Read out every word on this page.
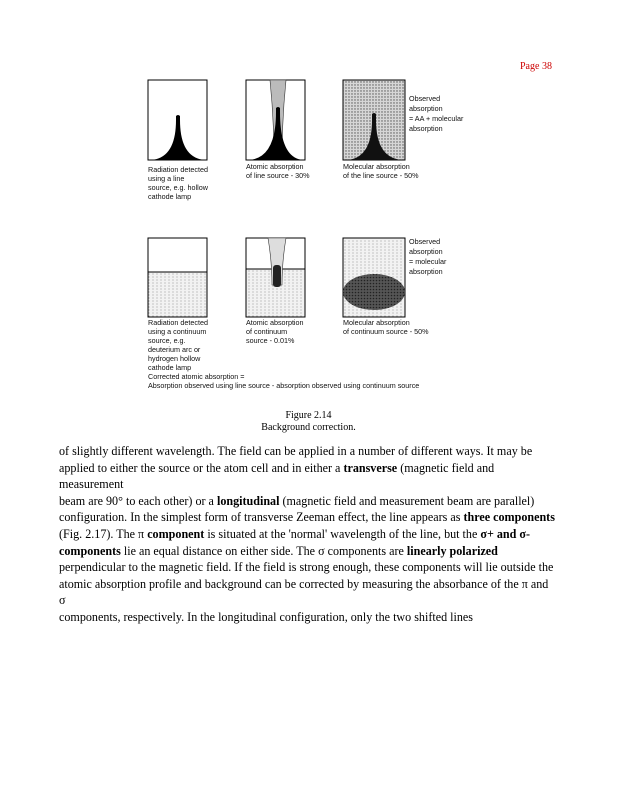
Page 38
Observed
absorption
= AA + molecular
absorption
Radiation detected
using a line
source, e.g. hollow
cathode lamp
Atomic absorption
of line source - 30%
Molecular absorption
of the line source - 50%
Observed
absorption
= molecular
absorption
Radiation detected
using a continuum
source, e.g.
deuterium arc or
hydrogen hollow
cathode lamp
Atomic absorption
of continuum
source - 0.01%
Molecular absorption
of continuum source - 50%
Corrected atomic absorption =
Absorption observed using line source - absorption observed using continuum source
Figure 2.14
Background correction.

of slightly different wavelength. The field can be applied in a number of different ways. It may be

applied to either the source or the atom cell and in either a transverse (magnetic field and measurement

beam are 90° to each other) or a longitudinal (magnetic field and measurement beam are parallel)

configuration. In the simplest form of transverse Zeeman effect, the line appears as three components

(Fig. 2.17). The π component is situated at the 'normal' wavelength of the line, but the σ+ and σ-

components lie an equal distance on either side. The σ components are linearly polarized

perpendicular to the magnetic field. If the field is strong enough, these components will lie outside the

atomic absorption profile and background can be corrected by measuring the absorbance of the π and σ

components, respectively. In the longitudinal configuration, only the two shifted lines
